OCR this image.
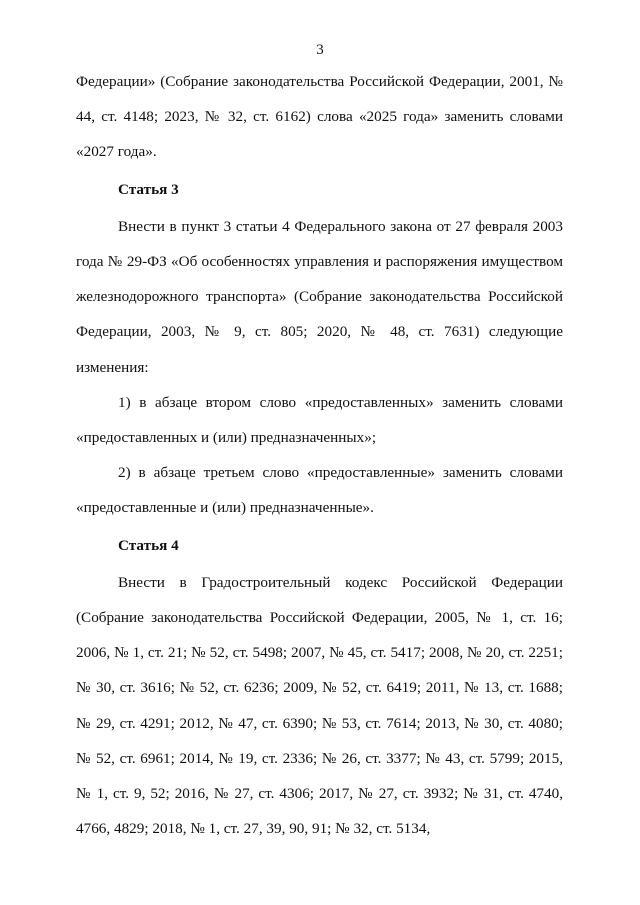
3

Федерации» (Собрание законодательства Российской Федерации, 2001, № 44, ст. 4148; 2023, № 32, ст. 6162) слова «2025 года» заменить словами «2027 года».

Статья 3

Внести в пункт 3 статьи 4 Федерального закона от 27 февраля 2003 года № 29-ФЗ «Об особенностях управления и распоряжения имуществом железнодорожного транспорта» (Собрание законодательства Российской Федерации, 2003, № 9, ст. 805; 2020, № 48, ст. 7631) следующие изменения:

1) в абзаце втором слово «предоставленных» заменить словами «предоставленных и (или) предназначенных»;

2) в абзаце третьем слово «предоставленные» заменить словами «предоставленные и (или) предназначенные».

Статья 4

Внести в Градостроительный кодекс Российской Федерации (Собрание законодательства Российской Федерации, 2005, № 1, ст. 16; 2006, № 1, ст. 21; № 52, ст. 5498; 2007, № 45, ст. 5417; 2008, № 20, ст. 2251; № 30, ст. 3616; № 52, ст. 6236; 2009, № 52, ст. 6419; 2011, № 13, ст. 1688; № 29, ст. 4291; 2012, № 47, ст. 6390; № 53, ст. 7614; 2013, № 30, ст. 4080; № 52, ст. 6961; 2014, № 19, ст. 2336; № 26, ст. 3377; № 43, ст. 5799; 2015, № 1, ст. 9, 52; 2016, № 27, ст. 4306; 2017, № 27, ст. 3932; № 31, ст. 4740, 4766, 4829; 2018, № 1, ст. 27, 39, 90, 91; № 32, ст. 5134,
